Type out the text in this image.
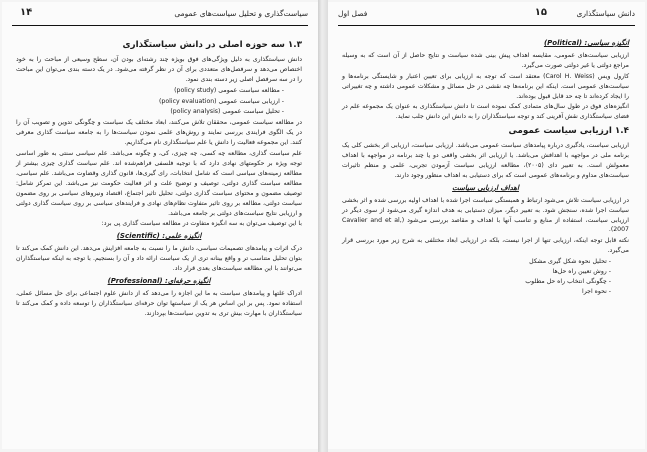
سیاست‌گذاری و تحلیل سیاست‌های عمومی
۱۴
۱.۳ سه حوزه اصلی در دانش سیاستگذاری

دانش سیاستگذاری به دلیل ویژگی‌های فوق بویژه چند رشته‌ای بودن آن، سطح وسیعی از مباحث را به خود اختصاص می‌دهد و سرفصل‌های متعددی برای آن در نظر گرفته می‌شود. در یک دسته بندی می‌توان این مباحث را در سه سرفصل اصلی زیر دسته بندی نمود.

- مطالعه سیاست عمومی (policy study)

- ارزیابی سیاست عمومی (policy evaluation)

- تحلیل سیاست عمومی (policy analysis)

در مطالعه سیاست عمومی، محققان تلاش می‌کنند، ابعاد مختلف یک سیاست و چگونگی تدوین و تصویب آن را در یک الگوی فرایندی بررسی نمایند و روش‌های علمی نمودن سیاست‌ها را به جامعه سیاست گذاری معرفی کنند. این مجموعه فعالیت را دانش یا علم سیاستگذاری نام می‌گذاریم.

علم سیاست گذاری، مطالعه چه کسی، چه چیزی، کی، و چگونه می‌باشد. علم سیاسی سنتی به طور اساسی توجه ویژه بر حکومتهای نهادی دارد که با توجیه فلسفی فراهم‌شده اند. علم سیاست گذاری چیزی بیشتر از مطالعه زمینه‌های سیاسی است که شامل انتخابات، رای گیری‌ها، قانون گذاری وقضاوت می‌باشد. علم سیاسی، مطالعه سیاست گذاری دولتی، توصیف و توضیح علت و اثر فعالیت حکومت نیز می‌باشد. این تمرکز شامل: توصیف مضمون و محتوای سیاست گذاری دولتی، تحلیل تاثیر اجتماع، اقتصاد ونیروهای سیاسی بر روی مضمون سیاست دولتی، مطالعه بر روی تاثیر متفاوت نظام‌های نهادی و فرایندهای سیاسی بر روی سیاست گذاری دولتی و ارزیابی نتایج سیاست‌های دولتی بر جامعه می‌باشد.

با این توصیف می‌توان به سه انگیزه متفاوت در مطالعه سیاست گذاری پی برد:

انگیزه علمی: (Scientific)

درک اثرات و پیامدهای تصمیمات سیاسی، دانش ما را نسبت به جامعه افزایش می‌دهد. این دانش کمک می‌کند تا بتوان تحلیل متناسب تر و واقع بینانه تری از یک سیاست ارائه داد و آن را بسنجیم. با توجه به اینکه سیاستگذاران می‌توانند با این مطالعه سیاست‌های بعدی قرار داد.

انگیزه حرفه‌ای: (Professional)

ادراک علتها و پیامدهای سیاست به ما این اجازه را می‌دهد که از دانش علوم اجتماعی برای حل مسائل عملی، استفاده نمود. پس بر این اساس هر یک از سیاستها توان حرفه‌ای سیاستگذاران را توسعه داده و کمک می‌کند تا سیاستگذاران با مهارت بیش تری به تدوین سیاست‌ها بپردازند.

فصل اول	۱۵	دانش سیاستگذاری
انگیزه سیاسی: (Political)

ارزیابی سیاست‌های عمومی، مقایسه اهداف پیش بینی شده سیاست و نتایج حاصل از آن است که به وسیله مراجع دولتی یا غیر دولتی صورت می‌گیرد.

کارول ویس (Carol H. Weiss) معتقد است که توجه به ارزیابی برای تعیین اعتبار و شایستگی برنامه‌ها و سیاست‌های عمومی است. اینکه این برنامه‌ها چه نقشی در حل مسائل و مشکلات عمومی داشته و چه تغییراتی را ایجاد کرده‌اند تا چه حد قابل قبول بوده‌اند.

انگیزه‌های فوق در طول سال‌های متمادی کمک نموده است تا دانش سیاستگذاری به عنوان یک مجموعه علم در فضای سیاستگذاری نقش آفرینی کند و توجه سیاستگذاران را به دانش این دانش جلب نماید.

۱.۴ ارزیابی سیاست عمومی

ارزیابی سیاست، یادگیری درباره پیامدهای سیاست عمومی می‌باشد. ارزیابی سیاست، ارزیابی اثر بخشی کلی یک برنامه ملی در مواجهه با اهدافش می‌باشد. یا ارزیابی اثر بخشی واقعی دو یا چند برنامه در مواجهه با اهداف معمولش است. به تعبیر دای (۲۰۰۵)، مطالعه ارزیابی سیاست آزمودن تجربی، علمی و منظم تاثیرات سیاست‌های مداوم و برنامه‌های عمومی است که برای دستیابی به اهداف منظور وجود دارند.

اهداف ارزیابی سیاست

در ارزیابی سیاست تلاش می‌شود ارتباط و همبستگی سیاست اجرا شده با اهداف اولیه بررسی شده و اثر بخشی سیاست اجرا شده، سنجش شود. به تعبیر دیگر، میزان دستیابی به هدف اندازه گیری می‌شود از سوی دیگر در ارزیابی سیاست، استفاده از منابع و تناسب آنها با اهداف و مقاصد بررسی می‌شود (Cavalier and et al, 2007).

نکته قابل توجه اینکه، ارزیابی تنها از اجرا نیست، بلکه در ارزیابی ابعاد مختلفی به شرح زیر مورد بررسی قرار می‌گیرد.

- تحلیل نحوه شکل گیری مشکل
- روش تعیین راه حل‌ها
- چگونگی انتخاب راه حل مطلوب
- نحوه اجرا
